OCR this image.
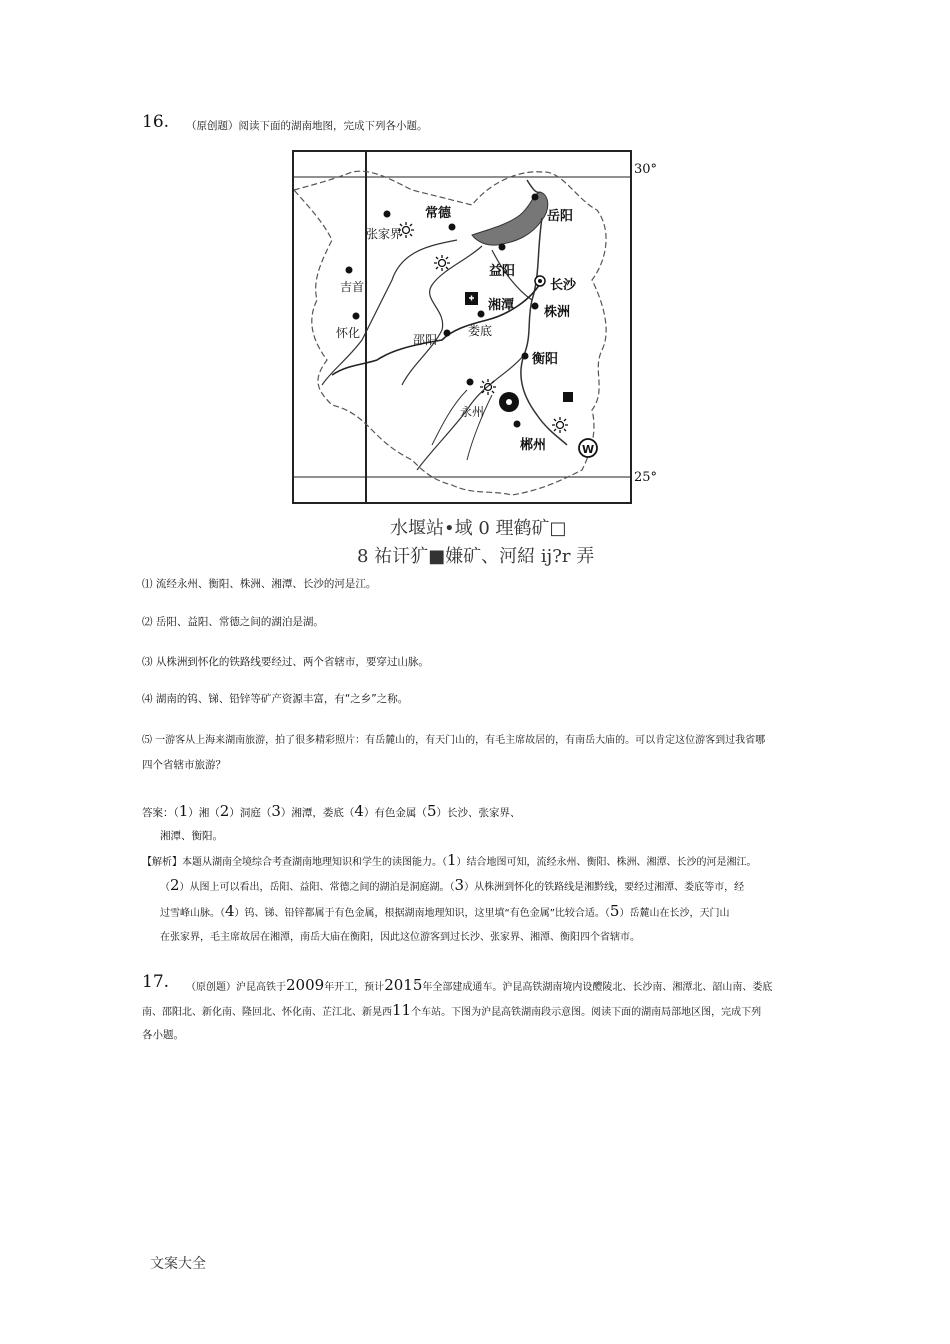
16. （原创题）阅读下面的湖南地图，完成下列各小题。
W
30°
25°
常德	岳阳
张家界
益阳
长沙
吉首
湘潭 株洲
怀化	邵阳
娄底
衡阳
永州
郴州
水堰站•域 0 理鹤矿□
8 祐讦犷■嫌矿、河紹 ij?r 弄
⑴ 流经永州、衡阳、株洲、湘潭、长沙的河是江。
⑵ 岳阳、益阳、常德之间的湖泊是湖。
⑶ 从株洲到怀化的铁路线要经过、两个省辖市，要穿过山脉。
⑷ 湖南的钨、锑、铅锌等矿产资源丰富，有“之乡”之称。
⑸ 一游客从上海来湖南旅游，拍了很多精彩照片：有岳麓山的，有天门山的，有毛主席故居的，有南岳大庙的。可以肯定这位游客到过我省哪
四个省辖市旅游？
答案：（1）湘（2）洞庭（3）湘潭，娄底（4）有色金属（5）长沙、张家界、
湘潭、衡阳。
【解析】本题从湖南全境综合考查湖南地理知识和学生的读图能力。（1）结合地图可知，流经永州、衡阳、株洲、湘潭、长沙的河是湘江。
（2）从图上可以看出，岳阳、益阳、常德之间的湖泊是洞庭湖。（3）从株洲到怀化的铁路线是湘黔线，要经过湘潭、娄底等市，经
过雪峰山脉。（4）钨、锑、铅锌都属于有色金属，根据湖南地理知识，这里填“有色金属”比较合适。（5）岳麓山在长沙，天门山
在张家界，毛主席故居在湘潭，南岳大庙在衡阳，因此这位游客到过长沙、张家界、湘潭、衡阳四个省辖市。
17. （原创题）沪昆高铁于2009年开工，预计2015年全部建成通车。沪昆高铁湖南境内设醴陵北、长沙南、湘潭北、韶山南、娄底
南、邵阳北、新化南、隆回北、怀化南、芷江北、新晃西11个车站。下图为沪昆高铁湖南段示意图。阅读下面的湖南局部地区图，完成下列
各小题。
文案大全
